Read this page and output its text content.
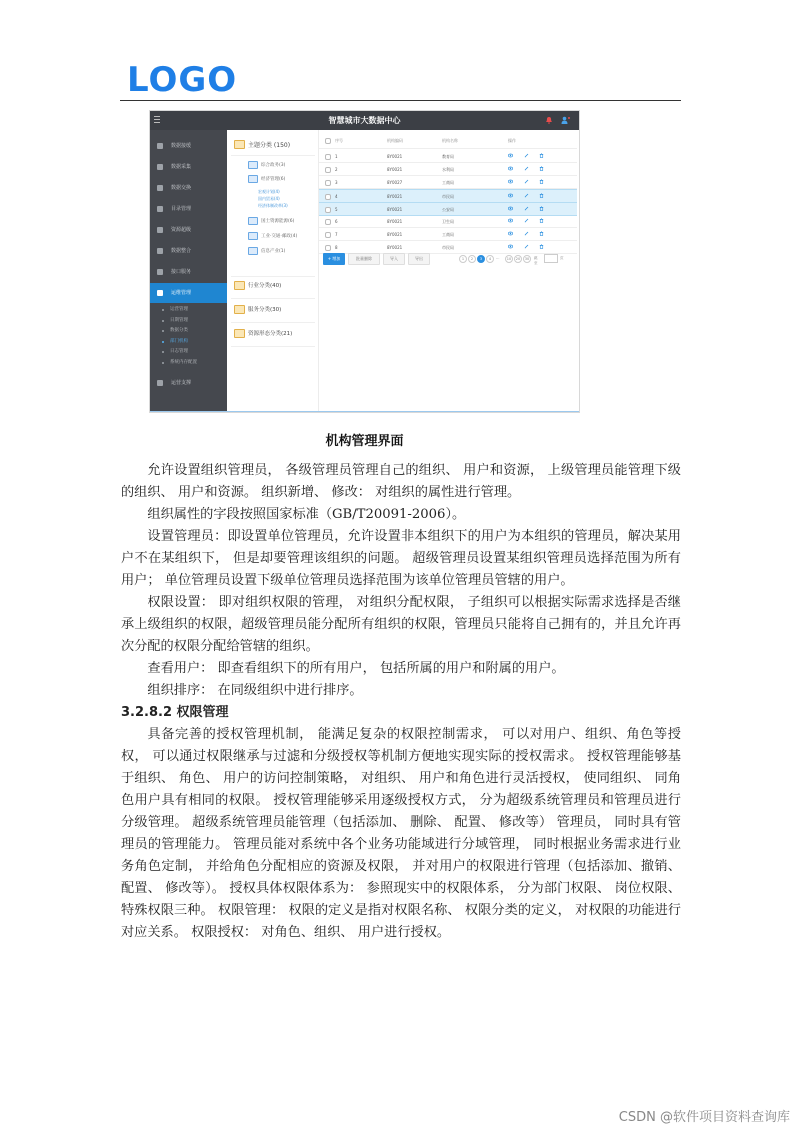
LOGO
智慧城市大数据中心
数据接缓
数据采集
数据交换
目录管理
资源超级
数据整合
接口服务
运维管理
运营管理
日期管理
数据分类
部门机构
日志管理
系统内存配置
运营支撑
主题分类 (150)
综合政务(3)
经济管理(6)
宏观计划(4)
国内贸易(4)
经济体制改革(3)
国土资源能源(6)
工业·交通·邮政(4)
信息产业(1)
行业分类(40)
服务分类(30)
资源形态分类(21)
序号	机构编码	机构名称	操作
1	8Y0021	教育局
2	8Y0021	水利局
3	8Y0027	工商局
4	8Y0021	市民局
5	8Y0021	公安局
6	8Y0021	卫生局
7	8Y0021	工商局
8	8Y0021	市民局
+ 增加	批量删除	导入	导出	1	2	3	4	…	10	20	30	跳至
页
机构管理界面

允许设置组织管理员， 各级管理员管理自己的组织、 用户和资源， 上级管理员能管理下级的组织、 用户和资源。 组织新增、 修改： 对组织的属性进行管理。

组织属性的字段按照国家标准（GB/T20091-2006）。

设置管理员：即设置单位管理员，允许设置非本组织下的用户为本组织的管理员，解决某用户不在某组织下， 但是却要管理该组织的问题。 超级管理员设置某组织管理员选择范围为所有用户； 单位管理员设置下级单位管理员选择范围为该单位管理员管辖的用户。

权限设置： 即对组织权限的管理， 对组织分配权限， 子组织可以根据实际需求选择是否继承上级组织的权限，超级管理员能分配所有组织的权限，管理员只能将自己拥有的，并且允许再次分配的权限分配给管辖的组织。

查看用户： 即查看组织下的所有用户， 包括所属的用户和附属的用户。

组织排序： 在同级组织中进行排序。

3.2.8.2 权限管理

具备完善的授权管理机制， 能满足复杂的权限控制需求， 可以对用户、组织、角色等授权， 可以通过权限继承与过滤和分级授权等机制方便地实现实际的授权需求。 授权管理能够基于组织、 角色、 用户的访问控制策略， 对组织、 用户和角色进行灵活授权， 使同组织、 同角色用户具有相同的权限。 授权管理能够采用逐级授权方式， 分为超级系统管理员和管理员进行分级管理。 超级系统管理员能管理（包括添加、 删除、 配置、 修改等） 管理员， 同时具有管理员的管理能力。 管理员能对系统中各个业务功能域进行分域管理， 同时根据业务需求进行业务角色定制， 并给角色分配相应的资源及权限， 并对用户的权限进行管理（包括添加、撤销、 配置、 修改等）。 授权具体权限体系为： 参照现实中的权限体系， 分为部门权限、 岗位权限、 特殊权限三种。 权限管理： 权限的定义是指对权限名称、 权限分类的定义， 对权限的功能进行对应关系。 权限授权： 对角色、组织、 用户进行授权。

CSDN @软件项目资料查询库
